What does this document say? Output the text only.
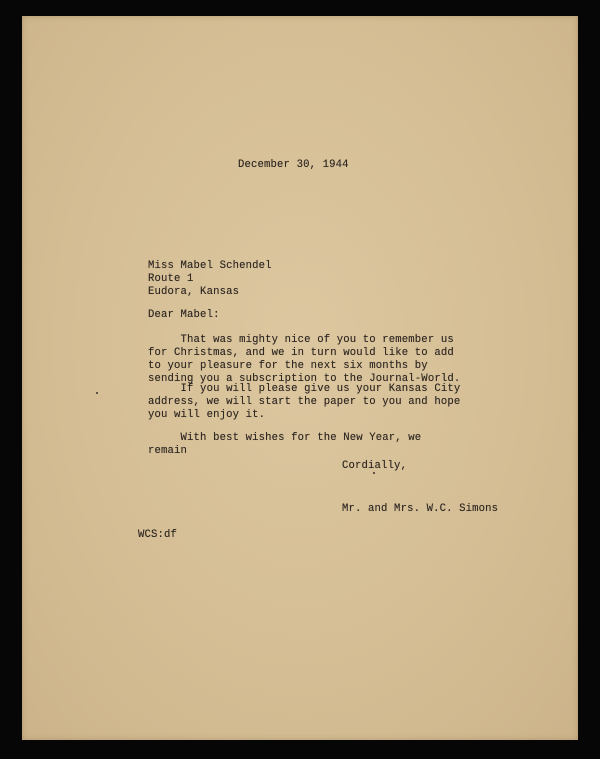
December 30, 1944
Miss Mabel Schendel
Route 1
Eudora, Kansas
Dear Mabel:
That was mighty nice of you to remember us
for Christmas, and we in turn would like to add
to your pleasure for the next six months by
sending you a subscription to the Journal-World.
If you will please give us your Kansas City
address, we will start the paper to you and hope
you will enjoy it.
With best wishes for the New Year, we
remain
Cordially,
Mr. and Mrs. W.C. Simons
WCS:df
